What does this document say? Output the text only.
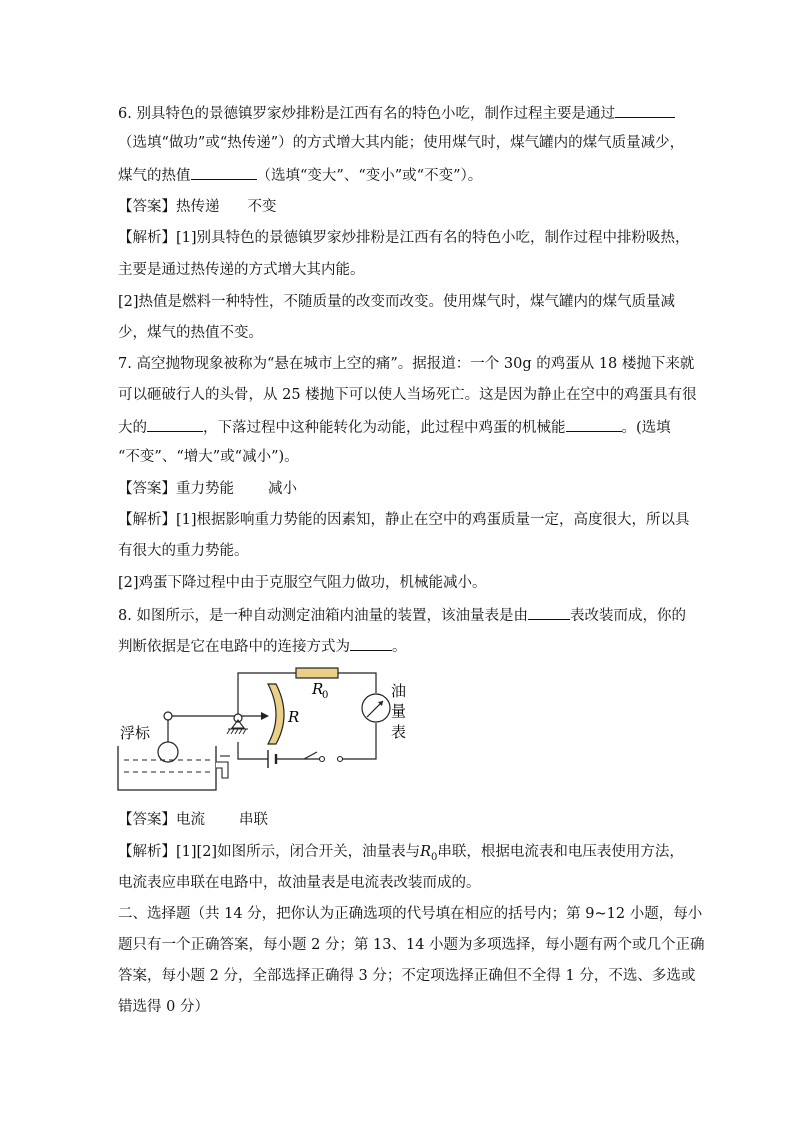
6. 别具特色的景德镇罗家炒排粉是江西有名的特色小吃，制作过程主要是通过
（选填“做功”或“热传递”）的方式增大其内能；使用煤气时，煤气罐内的煤气质量减少，
煤气的热值	（选填“变大”、“变小”或“不变”）。
【答案】热传递 不变
【解析】[1]别具特色的景德镇罗家炒排粉是江西有名的特色小吃，制作过程中排粉吸热，
主要是通过热传递的方式增大其内能。
[2]热值是燃料一种特性，不随质量的改变而改变。使用煤气时，煤气罐内的煤气质量减
少，煤气的热值不变。
7. 高空抛物现象被称为“悬在城市上空的痛”。据报道：一个 30g 的鸡蛋从 18 楼抛下来就
可以砸破行人的头骨，从 25 楼抛下可以使人当场死亡。这是因为静止在空中的鸡蛋具有很
大的	，下落过程中这种能转化为动能，此过程中鸡蛋的机械能	。(选填
“不变”、“增大”或“减小”)。
【答案】重力势能 减小
【解析】[1]根据影响重力势能的因素知，静止在空中的鸡蛋质量一定，高度很大，所以具
有很大的重力势能。
[2]鸡蛋下降过程中由于克服空气阻力做功，机械能减小。
8. 如图所示，是一种自动测定油箱内油量的装置，该油量表是由	表改装而成，你的
判断依据是它在电路中的连接方式为	。
R
0	油
量
表
R
浮标
【答案】电流 串联
【解析】[1][2]如图所示，闭合开关，油量表与$R_0$串联，根据电流表和电压表使用方法，
电流表应串联在电路中，故油量表是电流表改装而成的。
二、选择题（共 14 分，把你认为正确选项的代号填在相应的括号内；第 9~12 小题，每小
题只有一个正确答案，每小题 2 分；第 13、14 小题为多项选择，每小题有两个或几个正确
答案，每小题 2 分，全部选择正确得 3 分；不定项选择正确但不全得 1 分，不选、多选或
错选得 0 分）
